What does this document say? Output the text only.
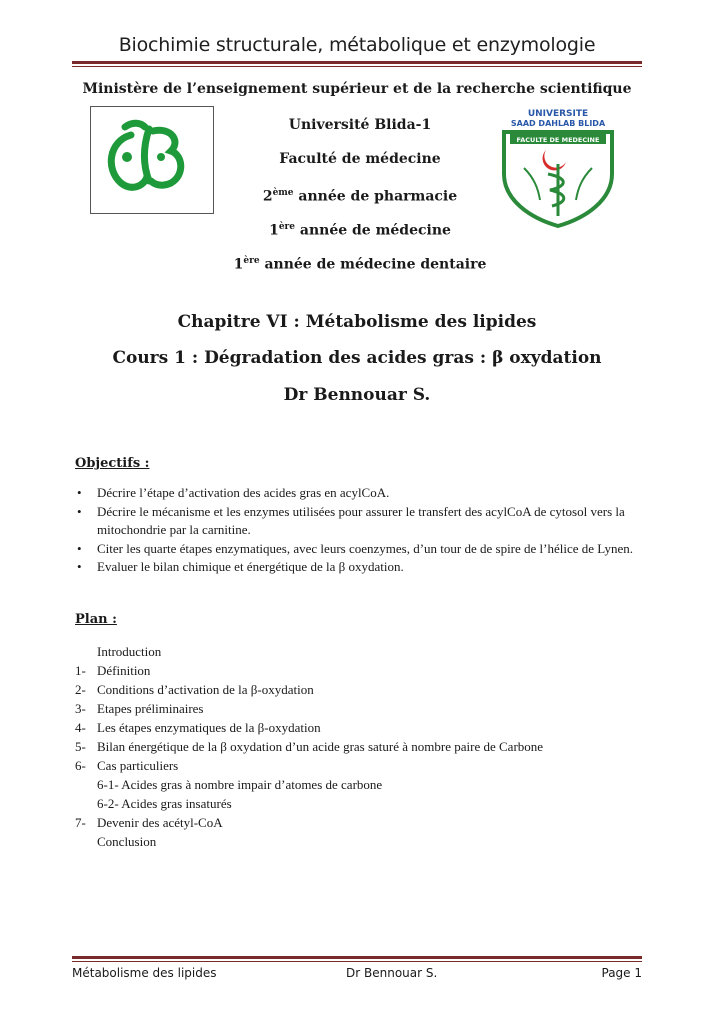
Biochimie structurale, métabolique et enzymologie
Ministère de l’enseignement supérieur et de la recherche scientifique
Université Blida-1
Faculté de médecine
2ème année de pharmacie
1ère année de médecine
1ère année de médecine dentaire
UNIVERSITE
SAAD DAHLAB BLIDA
FACULTE DE MEDECINE
Chapitre VI : Métabolisme des lipides
Cours 1 : Dégradation des acides gras : β oxydation
Dr Bennouar S.
Objectifs :
• Décrire l’étape d’activation des acides gras en acylCoA.
• Décrire le mécanisme et les enzymes utilisées pour assurer le transfert des acylCoA de cytosol vers la mitochondrie par la carnitine.
• Citer les quarte étapes enzymatiques, avec leurs coenzymes, d’un tour de de spire de l’hélice de Lynen.
• Evaluer le bilan chimique et énergétique de la β oxydation.
Plan :
Introduction
1- Définition
2- Conditions d’activation de la β-oxydation
3- Etapes préliminaires
4- Les étapes enzymatiques de la β-oxydation
5- Bilan énergétique de la β oxydation d’un acide gras saturé à nombre paire de Carbone
6- Cas particuliers
6-1- Acides gras à nombre impair d’atomes de carbone
6-2- Acides gras insaturés
7- Devenir des acétyl-CoA
Conclusion
Métabolisme des lipides	Dr Bennouar S.	Page 1
